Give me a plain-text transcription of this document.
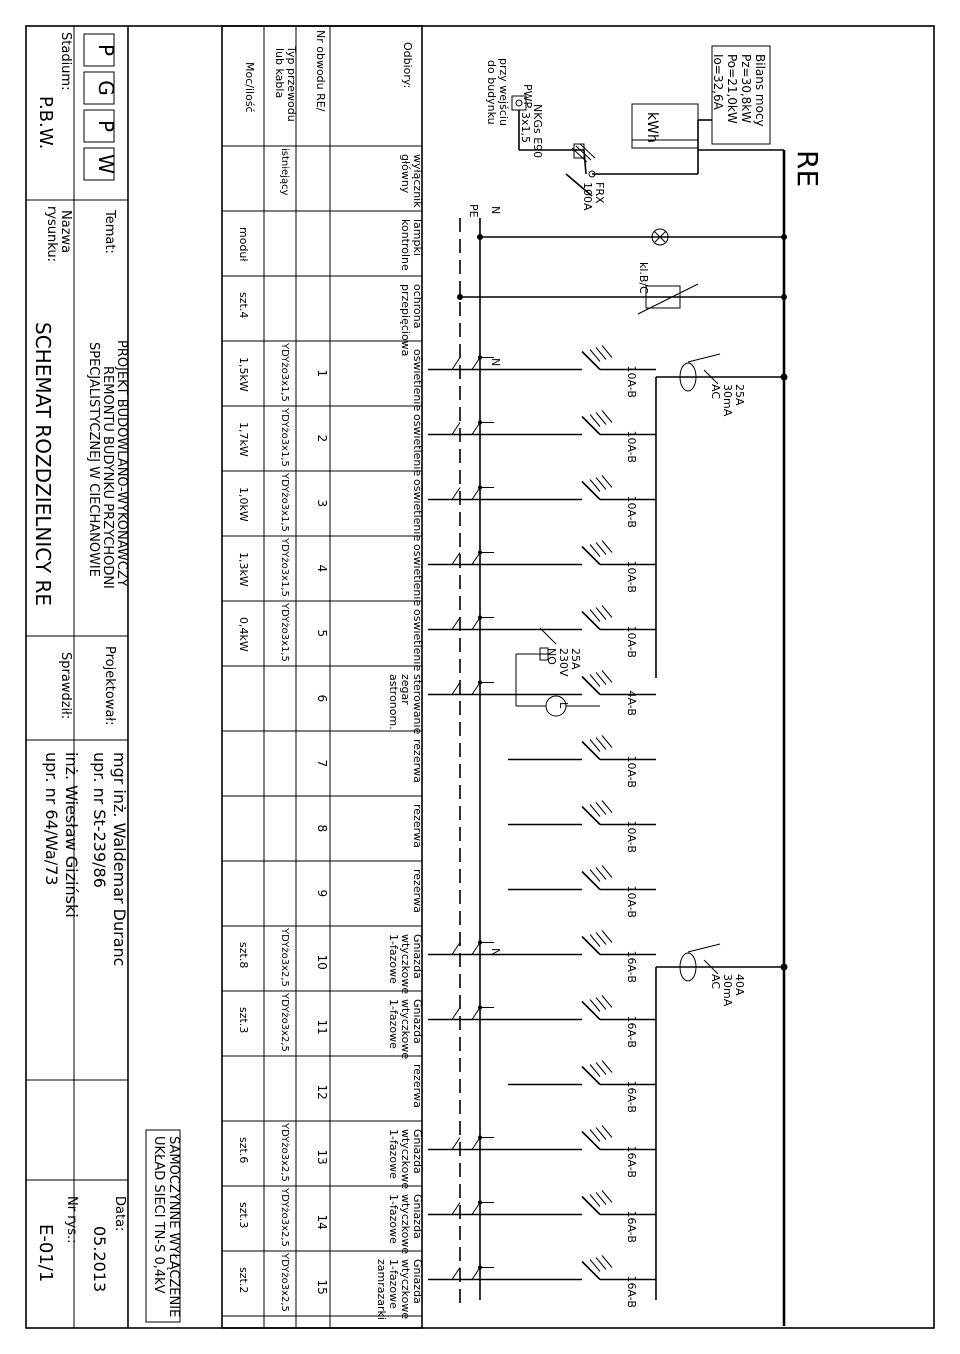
P
G
P
W
Stadium:
P.B.W.
Temat:
PROJEKT BUDOWLANO-WYKONAWCZY
REMONTU BUDYNKU PRZYCHODNI
SPECJALISTYCZNEJ W CIECHANOWIE
Nazwa
rysunku:
SCHEMAT ROZDZIELNICY RE
Projektował:
mgr inż. Waldemar Duranc
upr. nr St-239/86
Sprawdził:
inż. Wiesław Giziński
upr. nr 64/Wa/73
Data:
05.2013
Nr rys.:
E-01/1	SAMOCZYNNE WYŁĄCZENIE
UKŁAD SIECI TN-S 0,4kV
Odbiory:
Nr obwodu RE/
Typ przewodu
lub kabla
Moc/ilość
wyłącznik
główny
istniejący
lampki
kontrolne
moduł
ochrona
przepięciowa
szt.4
oświetlenie
1
YDYżo3x1,5
1,5kW
oświetlenie
2
YDYżo3x1,5
1,7kW
oświetlenie
3
YDYżo3x1,5
1,0kW
oświetlenie
4
YDYżo3x1,5
1,3kW
oświetlenie
5
YDYżo3x1,5
0,4kW
sterowanie
zegar
astronom.
6
rezerwa
7
rezerwa
8
rezerwa
9
Gniazda
wtyczkowe
1-fazowe
10
YDYżo3x2,5
szt.8
Gniazda
wtyczkowe
1-fazowe
11
YDYżo3x2,5
szt.3
rezerwa
12
Gniazda
wtyczkowe
1-fazowe
13
YDYżo3x2,5
szt.6
Gniazda
wtyczkowe
1-fazowe
14
YDYżo3x2,5
szt.3
Gniazda
wtyczkowe
1-fazowe
zamrazarki
15
YDYżo3x2,5
szt.2
RE
Bilans mocy
Pz=30,8kW
Po=21,0kW
Io=32,6A
kWh
PWP
przy wejściu
do budynku
NKGs E90
3x1,5
FRX
100A
N
PE
kl.B/C
25A
30mA
AC
40A
30mA
AC
N
N
L
25A
230V
NO
10A-B
10A-B
10A-B
10A-B
10A-B
4A-B
10A-B
10A-B
10A-B
16A-B
16A-B
16A-B
16A-B
16A-B
16A-B
